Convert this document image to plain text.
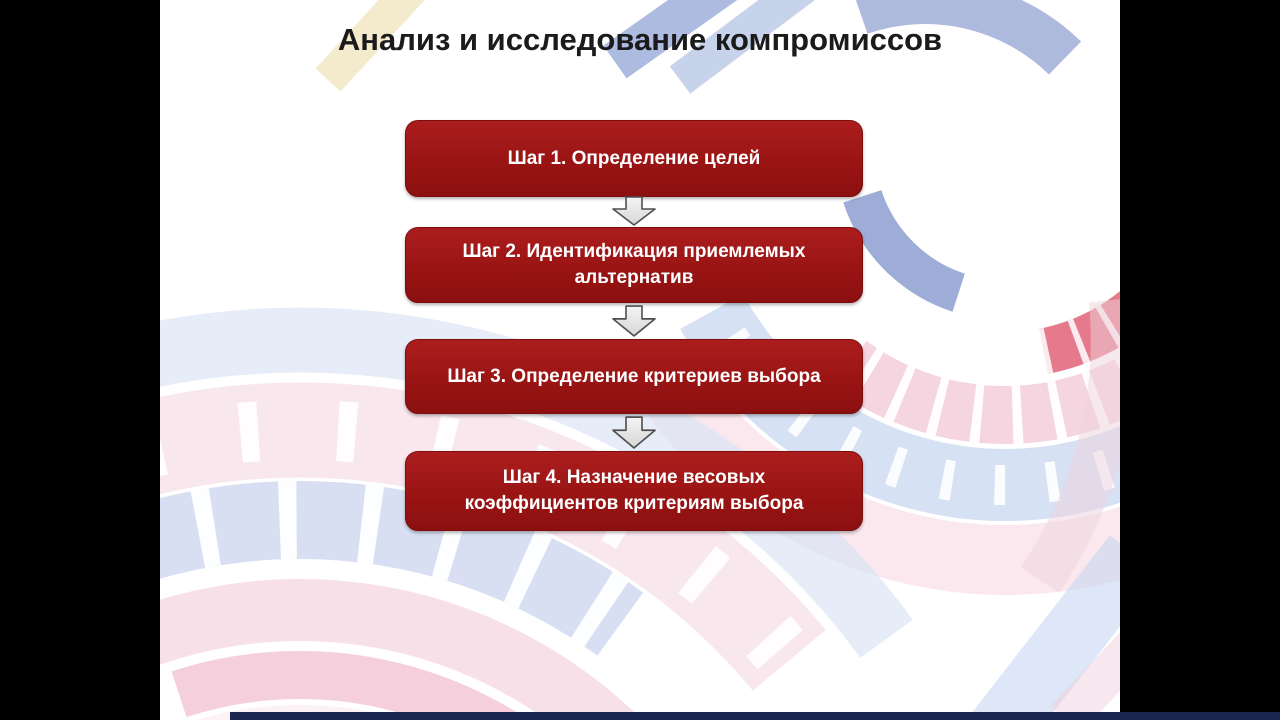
Анализ и исследование компромиссов
Шаг 1. Определение целей
Шаг 2. Идентификация приемлемых альтернатив
Шаг 3. Определение критериев выбора
Шаг 4. Назначение весовых коэффициентов критериям выбора
